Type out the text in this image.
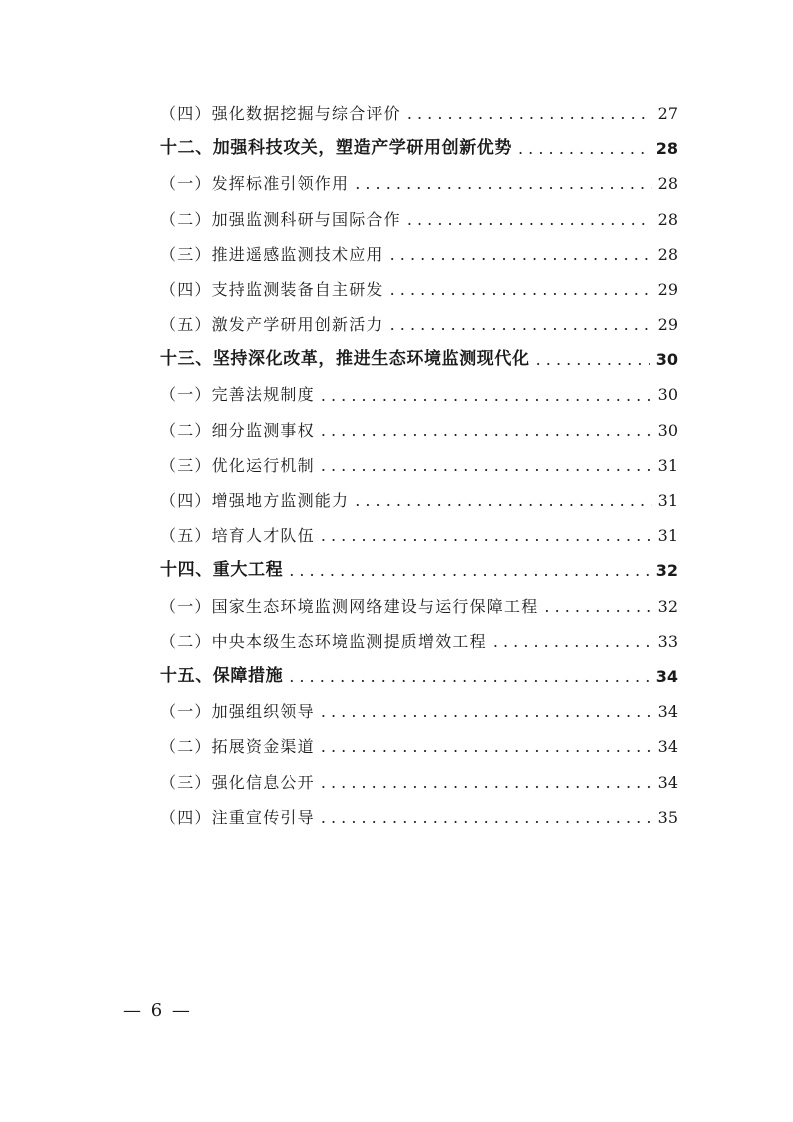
（四）强化数据挖掘与综合评价 . . .	27
十二、加强科技攻关，塑造产学研用创新优势 . . .	28
（一）发挥标准引领作用 . . .	28
（二）加强监测科研与国际合作 . . .	28
（三）推进遥感监测技术应用 . . .	28
（四）支持监测装备自主研发 . . .	29
（五）激发产学研用创新活力 . . .	29
十三、坚持深化改革，推进生态环境监测现代化 . . .	30
（一）完善法规制度 . . .	30
（二）细分监测事权 . . .	30
（三）优化运行机制 . . .	31
（四）增强地方监测能力 . . .	31
（五）培育人才队伍 . . .	31
十四、重大工程 . . .	32
（一）国家生态环境监测网络建设与运行保障工程 . . .	32
（二）中央本级生态环境监测提质增效工程 . . .	33
十五、保障措施 . . .	34
（一）加强组织领导 . . .	34
（二）拓展资金渠道 . . .	34
（三）强化信息公开 . . .	34
（四）注重宣传引导 . . .	35
— 6 —
